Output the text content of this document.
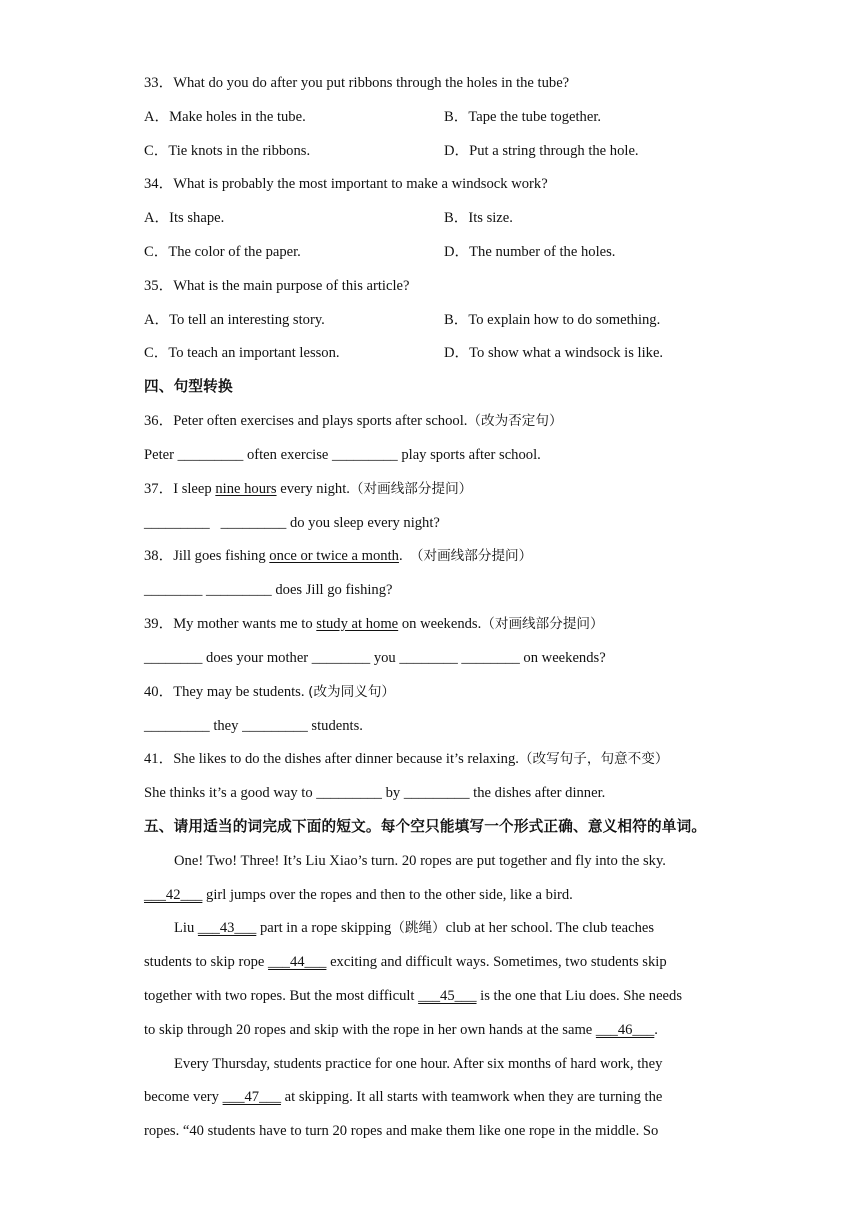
33．What do you do after you put ribbons through the holes in the tube?
A．Make holes in the tube.	B．Tape the tube together.
C．Tie knots in the ribbons.	D．Put a string through the hole.
34．What is probably the most important to make a windsock work?
A．Its shape.	B．Its size.
C．The color of the paper.	D．The number of the holes.
35．What is the main purpose of this article?
A．To tell an interesting story.	B．To explain how to do something.
C．To teach an important lesson.	D．To show what a windsock is like.
四、句型转换
36．Peter often exercises and plays sports after school.（改为否定句）
Peter _________ often exercise _________ play sports after school.
37．I sleep nine hours every night.（对画线部分提问）
_________   _________ do you sleep every night?
38．Jill goes fishing once or twice a month.  （对画线部分提问）
________ _________ does Jill go fishing?
39．My mother wants me to study at home on weekends.（对画线部分提问）
________ does your mother ________ you ________ ________ on weekends?
40．They may be students. (改为同义句）
_________ they _________ students.
41．She likes to do the dishes after dinner because it’s relaxing.（改写句子，句意不变）
She thinks it’s a good way to _________ by _________ the dishes after dinner.
五、请用适当的词完成下面的短文。每个空只能填写一个形式正确、意义相符的单词。
One! Two! Three! It’s Liu Xiao’s turn. 20 ropes are put together and fly into the sky.
___42___ girl jumps over the ropes and then to the other side, like a bird.
Liu ___43___ part in a rope skipping（跳绳）club at her school. The club teaches
students to skip rope ___44___ exciting and difficult ways. Sometimes, two students skip
together with two ropes. But the most difficult ___45___ is the one that Liu does. She needs
to skip through 20 ropes and skip with the rope in her own hands at the same ___46___.
Every Thursday, students practice for one hour. After six months of hard work, they
become very ___47___ at skipping. It all starts with teamwork when they are turning the
ropes. “40 students have to turn 20 ropes and make them like one rope in the middle. So
